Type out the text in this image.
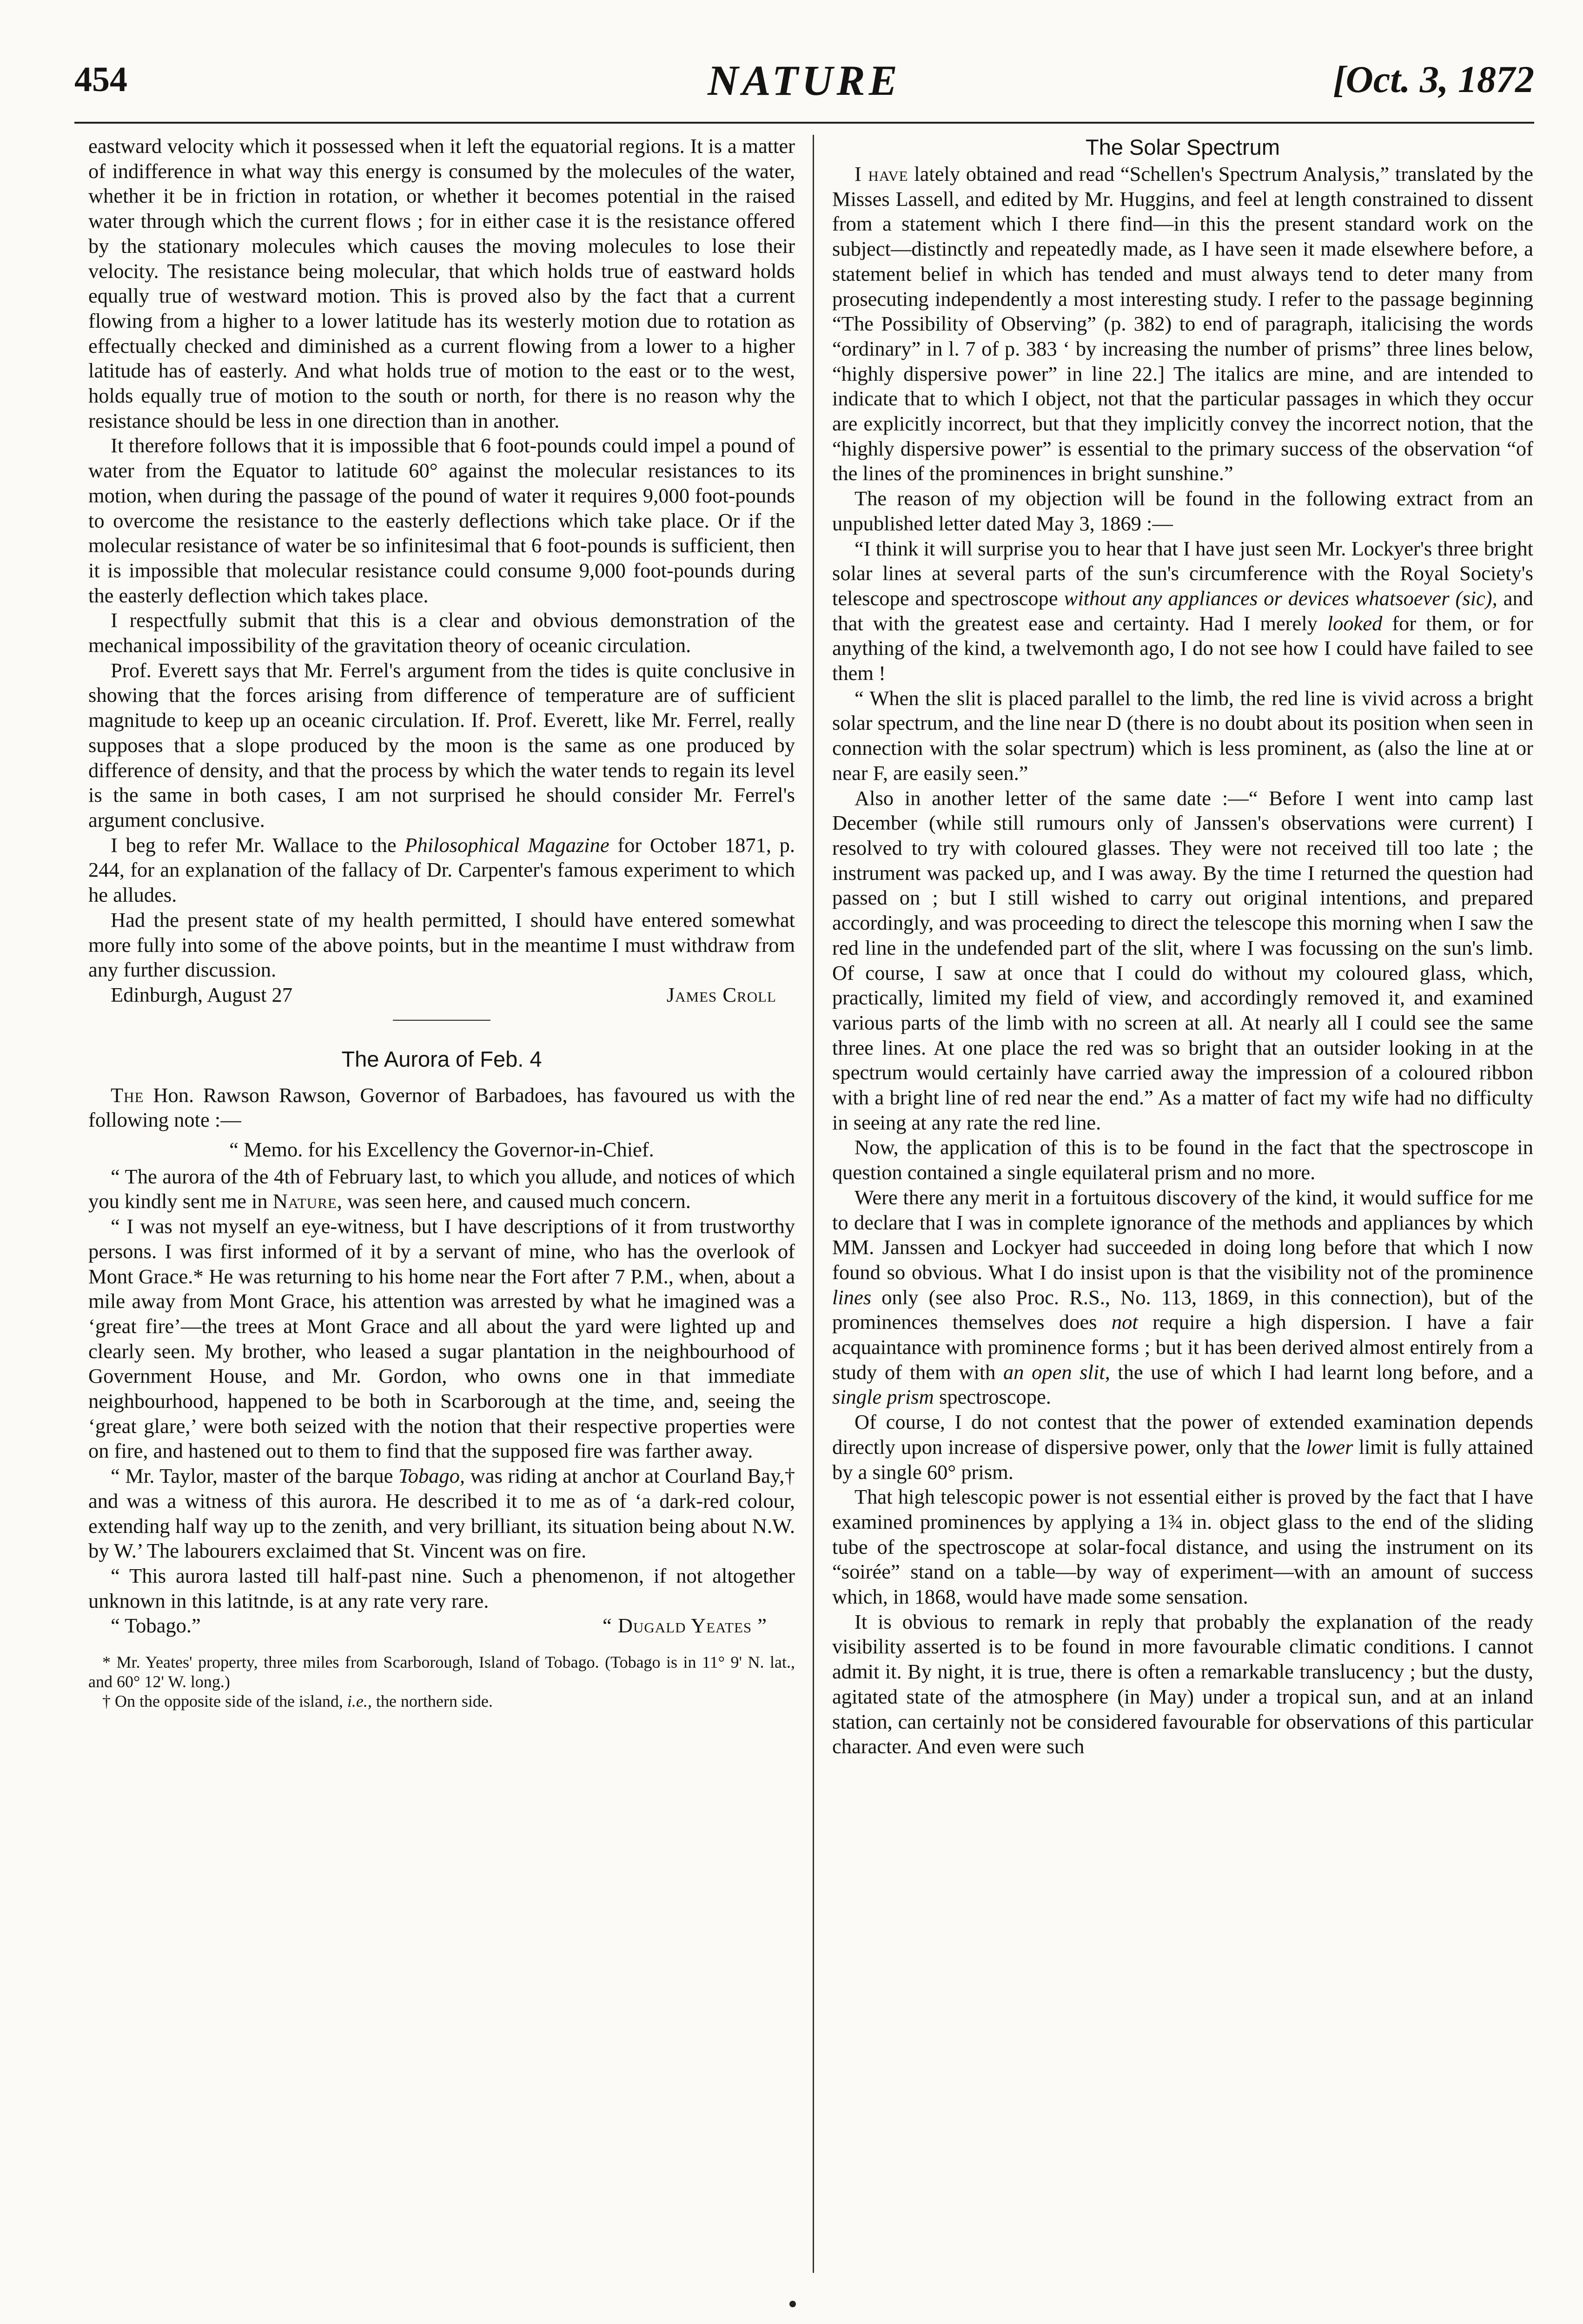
454	NATURE	[Oct. 3, 1872

eastward velocity which it possessed when it left the equatorial regions. It is a matter of indifference in what way this energy is consumed by the molecules of the water, whether it be in friction in rotation, or whether it becomes potential in the raised water through which the current flows ; for in either case it is the resistance offered by the stationary molecules which causes the moving molecules to lose their velocity. The resistance being molecular, that which holds true of eastward holds equally true of westward motion. This is proved also by the fact that a current flowing from a higher to a lower latitude has its westerly motion due to rotation as effectually checked and diminished as a current flowing from a lower to a higher latitude has of easterly. And what holds true of motion to the east or to the west, holds equally true of motion to the south or north, for there is no reason why the resistance should be less in one direction than in another.

It therefore follows that it is impossible that 6 foot-pounds could impel a pound of water from the Equator to latitude 60° against the molecular resistances to its motion, when during the passage of the pound of water it requires 9,000 foot-pounds to overcome the resistance to the easterly deflections which take place. Or if the molecular resistance of water be so infinitesimal that 6 foot-pounds is sufficient, then it is impossible that molecular resistance could consume 9,000 foot-pounds during the easterly deflection which takes place.

I respectfully submit that this is a clear and obvious demonstration of the mechanical impossibility of the gravitation theory of oceanic circulation.

Prof. Everett says that Mr. Ferrel's argument from the tides is quite conclusive in showing that the forces arising from difference of temperature are of sufficient magnitude to keep up an oceanic circulation. If. Prof. Everett, like Mr. Ferrel, really supposes that a slope produced by the moon is the same as one produced by difference of density, and that the process by which the water tends to regain its level is the same in both cases, I am not surprised he should consider Mr. Ferrel's argument conclusive.

I beg to refer Mr. Wallace to the Philosophical Magazine for October 1871, p. 244, for an explanation of the fallacy of Dr. Carpenter's famous experiment to which he alludes.

Had the present state of my health permitted, I should have entered somewhat more fully into some of the above points, but in the meantime I must withdraw from any further discussion.

Edinburgh, August 27	James Croll
The Aurora of Feb. 4

The Hon. Rawson Rawson, Governor of Barbadoes, has favoured us with the following note :—

“ Memo. for his Excellency the Governor-in-Chief.

“ The aurora of the 4th of February last, to which you allude, and notices of which you kindly sent me in Nature, was seen here, and caused much concern.

“ I was not myself an eye-witness, but I have descriptions of it from trustworthy persons. I was first informed of it by a servant of mine, who has the overlook of Mont Grace.* He was returning to his home near the Fort after 7 P.M., when, about a mile away from Mont Grace, his attention was arrested by what he imagined was a ‘great fire’—the trees at Mont Grace and all about the yard were lighted up and clearly seen. My brother, who leased a sugar plantation in the neighbourhood of Government House, and Mr. Gordon, who owns one in that immediate neighbourhood, happened to be both in Scarborough at the time, and, seeing the ‘great glare,’ were both seized with the notion that their respective properties were on fire, and hastened out to them to find that the supposed fire was farther away.

“ Mr. Taylor, master of the barque Tobago, was riding at anchor at Courland Bay,† and was a witness of this aurora. He described it to me as of ‘a dark-red colour, extending half way up to the zenith, and very brilliant, its situation being about N.W. by W.’ The labourers exclaimed that St. Vincent was on fire.

“ This aurora lasted till half-past nine. Such a phenomenon, if not altogether unknown in this latitnde, is at any rate very rare.

“ Tobago.”	“ Dugald Yeates ”

* Mr. Yeates' property, three miles from Scarborough, Island of Tobago. (Tobago is in 11° 9' N. lat., and 60° 12' W. long.)

† On the opposite side of the island, i.e., the northern side.

The Solar Spectrum

I have lately obtained and read “Schellen's Spectrum Analysis,” translated by the Misses Lassell, and edited by Mr. Huggins, and feel at length constrained to dissent from a statement which I there find—in this the present standard work on the subject—distinctly and repeatedly made, as I have seen it made elsewhere before, a statement belief in which has tended and must always tend to deter many from prosecuting independently a most interesting study. I refer to the passage beginning “The Possibility of Observing” (p. 382) to end of paragraph, italicising the words “ordinary” in l. 7 of p. 383 ‘ by increasing the number of prisms” three lines below, “highly dispersive power” in line 22.] The italics are mine, and are intended to indicate that to which I object, not that the particular passages in which they occur are explicitly incorrect, but that they implicitly convey the incorrect notion, that the “highly dispersive power” is essential to the primary success of the observation “of the lines of the prominences in bright sunshine.”

The reason of my objection will be found in the following extract from an unpublished letter dated May 3, 1869 :—

“I think it will surprise you to hear that I have just seen Mr. Lockyer's three bright solar lines at several parts of the sun's circumference with the Royal Society's telescope and spectroscope without any appliances or devices whatsoever (sic), and that with the greatest ease and certainty. Had I merely looked for them, or for anything of the kind, a twelvemonth ago, I do not see how I could have failed to see them !

“ When the slit is placed parallel to the limb, the red line is vivid across a bright solar spectrum, and the line near D (there is no doubt about its position when seen in connection with the solar spectrum) which is less prominent, as (also the line at or near F, are easily seen.”

Also in another letter of the same date :—“ Before I went into camp last December (while still rumours only of Janssen's observations were current) I resolved to try with coloured glasses. They were not received till too late ; the instrument was packed up, and I was away. By the time I returned the question had passed on ; but I still wished to carry out original intentions, and prepared accordingly, and was proceeding to direct the telescope this morning when I saw the red line in the undefended part of the slit, where I was focussing on the sun's limb. Of course, I saw at once that I could do without my coloured glass, which, practically, limited my field of view, and accordingly removed it, and examined various parts of the limb with no screen at all. At nearly all I could see the same three lines. At one place the red was so bright that an outsider looking in at the spectrum would certainly have carried away the impression of a coloured ribbon with a bright line of red near the end.” As a matter of fact my wife had no difficulty in seeing at any rate the red line.

Now, the application of this is to be found in the fact that the spectroscope in question contained a single equilateral prism and no more.

Were there any merit in a fortuitous discovery of the kind, it would suffice for me to declare that I was in complete ignorance of the methods and appliances by which MM. Janssen and Lockyer had succeeded in doing long before that which I now found so obvious. What I do insist upon is that the visibility not of the prominence lines only (see also Proc. R.S., No. 113, 1869, in this connection), but of the prominences themselves does not require a high dispersion. I have a fair acquaintance with prominence forms ; but it has been derived almost entirely from a study of them with an open slit, the use of which I had learnt long before, and a single prism spectroscope.

Of course, I do not contest that the power of extended examination depends directly upon increase of dispersive power, only that the lower limit is fully attained by a single 60° prism.

That high telescopic power is not essential either is proved by the fact that I have examined prominences by applying a 1¾ in. object glass to the end of the sliding tube of the spectroscope at solar-focal distance, and using the instrument on its “soirée” stand on a table—by way of experiment—with an amount of success which, in 1868, would have made some sensation.

It is obvious to remark in reply that probably the explanation of the ready visibility asserted is to be found in more favourable climatic conditions. I cannot admit it. By night, it is true, there is often a remarkable translucency ; but the dusty, agitated state of the atmosphere (in May) under a tropical sun, and at an inland station, can certainly not be considered favourable for observations of this particular character. And even were such
